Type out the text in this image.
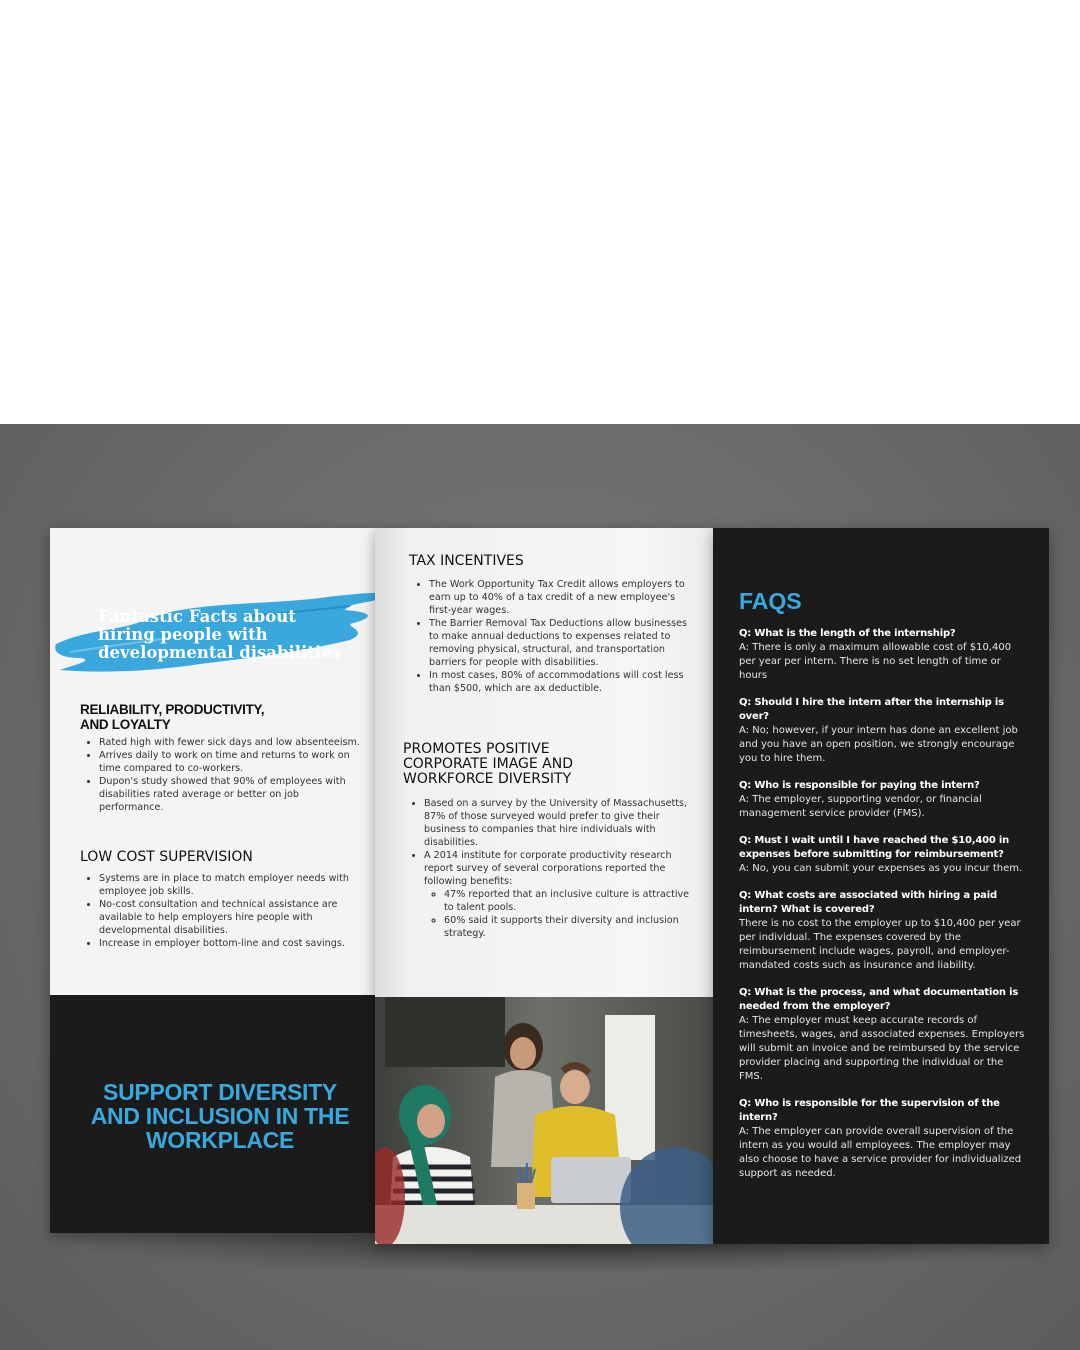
Fantastic Facts about hiring people with developmental disabilities
RELIABILITY, PRODUCTIVITY, AND LOYALTY
• Rated high with fewer sick days and low absenteeism.
• Arrives daily to work on time and returns to work on time compared to co-workers.
• Dupon's study showed that 90% of employees with disabilities rated average or better on job performance.
LOW COST SUPERVISION
• Systems are in place to match employer needs with employee job skills.
• No-cost consultation and technical assistance are available to help employers hire people with developmental disabilities.
• Increase in employer bottom-line and cost savings.
SUPPORT DIVERSITY AND INCLUSION IN THE WORKPLACE
TAX INCENTIVES
• The Work Opportunity Tax Credit allows employers to earn up to 40% of a tax credit of a new employee's first-year wages.
• The Barrier Removal Tax Deductions allow businesses to make annual deductions to expenses related to removing physical, structural, and transportation barriers for people with disabilities.
• In most cases, 80% of accommodations will cost less than $500, which are ax deductible.
PROMOTES POSITIVE CORPORATE IMAGE AND WORKFORCE DIVERSITY
• Based on a survey by the University of Massachusetts, 87% of those surveyed would prefer to give their business to companies that hire individuals with disabilities.
• A 2014 institute for corporate productivity research report survey of several corporations reported the following benefits:
◦ 47% reported that an inclusive culture is attractive to talent pools.
◦ 60% said it supports their diversity and inclusion strategy.
FAQS
Q: What is the length of the internship?
A: There is only a maximum allowable cost of $10,400 per year per intern. There is no set length of time or hours
Q: Should I hire the intern after the internship is over?
A: No; however, if your intern has done an excellent job and you have an open position, we strongly encourage you to hire them.
Q: Who is responsible for paying the intern?
A: The employer, supporting vendor, or financial management service provider (FMS).
Q: Must I wait until I have reached the $10,400 in expenses before submitting for reimbursement?
A: No, you can submit your expenses as you incur them.
Q: What costs are associated with hiring a paid intern? What is covered?
There is no cost to the employer up to $10,400 per year per individual. The expenses covered by the reimbursement include wages, payroll, and employer-mandated costs such as insurance and liability.
Q: What is the process, and what documentation is needed from the employer?
A: The employer must keep accurate records of timesheets, wages, and associated expenses. Employers will submit an invoice and be reimbursed by the service provider placing and supporting the individual or the FMS.
Q: Who is responsible for the supervision of the intern?
A: The employer can provide overall supervision of the intern as you would all employees. The employer may also choose to have a service provider for individualized support as needed.
